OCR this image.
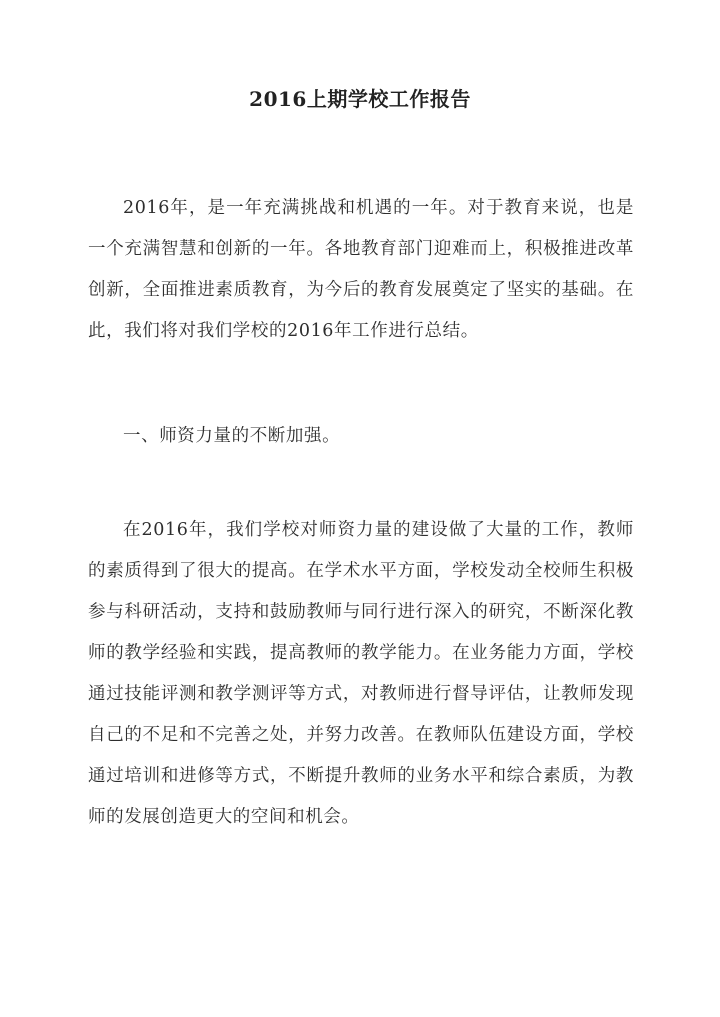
2016上期学校工作报告
2016年，是一年充满挑战和机遇的一年。对于教育来说，也是一个充满智慧和创新的一年。各地教育部门迎难而上，积极推进改革创新，全面推进素质教育，为今后的教育发展奠定了坚实的基础。在此，我们将对我们学校的2016年工作进行总结。
一、师资力量的不断加强。
在2016年，我们学校对师资力量的建设做了大量的工作，教师的素质得到了很大的提高。在学术水平方面，学校发动全校师生积极参与科研活动，支持和鼓励教师与同行进行深入的研究，不断深化教师的教学经验和实践，提高教师的教学能力。在业务能力方面，学校通过技能评测和教学测评等方式，对教师进行督导评估，让教师发现自己的不足和不完善之处，并努力改善。在教师队伍建设方面，学校通过培训和进修等方式，不断提升教师的业务水平和综合素质，为教师的发展创造更大的空间和机会。
